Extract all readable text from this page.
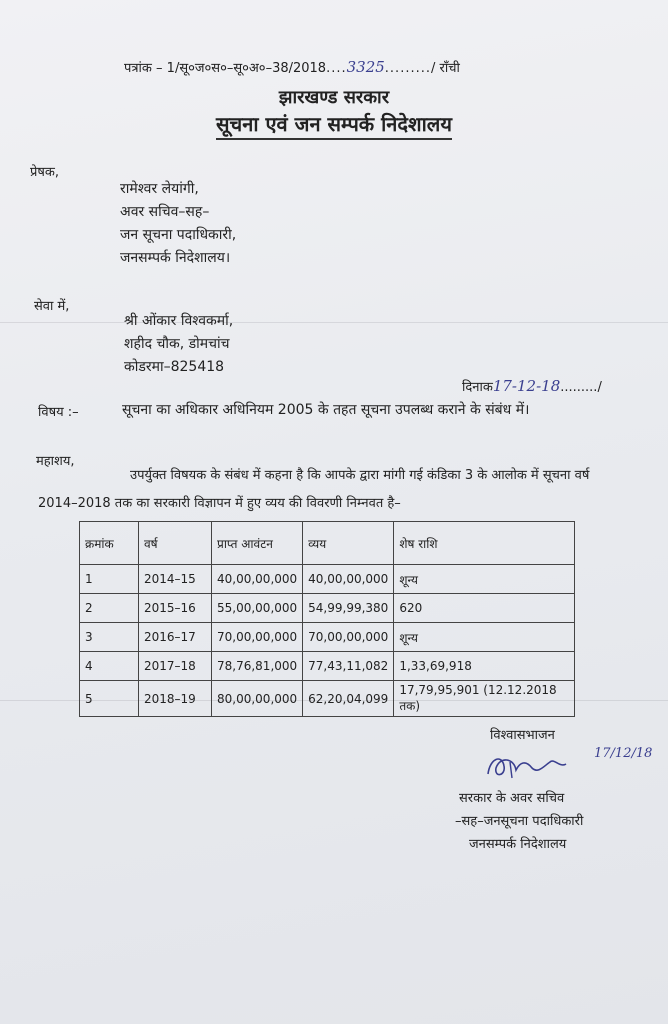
पत्रांक – 1/सू०ज०स०–सू०अ०–38/2018....3325........./ राँची
झारखण्ड सरकार
सूचना एवं जन सम्पर्क निदेशालय
प्रेषक,
रामेश्वर लेयांगी,
अवर सचिव–सह–
जन सूचना पदाधिकारी,
जनसम्पर्क निदेशालय।
सेवा में,
श्री ओंकार विश्वकर्मा,
शहीद चौक, डोमचांच
कोडरमा–825418
दिनाक17-12-18........./
विषय :–	सूचना का अधिकार अधिनियम 2005 के तहत सूचना उपलब्ध कराने के संबंध में।
महाशय,
उपर्युक्त विषयक के संबंध में कहना है कि आपके द्वारा मांगी गई कंडिका 3 के आलोक में सूचना वर्ष 2014–2018 तक का सरकारी विज्ञापन में हुए व्यय की विवरणी निम्नवत है–
क्रमांक	वर्ष	प्राप्त आवंटन	व्यय	शेष राशि
1	2014–15	40,00,00,000	40,00,00,000	शून्य
2	2015–16	55,00,00,000	54,99,99,380	620
3	2016–17	70,00,00,000	70,00,00,000	शून्य
4	2017–18	78,76,81,000	77,43,11,082	1,33,69,918
5	2018–19	80,00,00,000	62,20,04,099	17,79,95,901 (12.12.2018 तक)
विश्वासभाजन
17/12/18
सरकार के अवर सचिव
–सह–जनसूचना पदाधिकारी
जनसम्पर्क निदेशालय
